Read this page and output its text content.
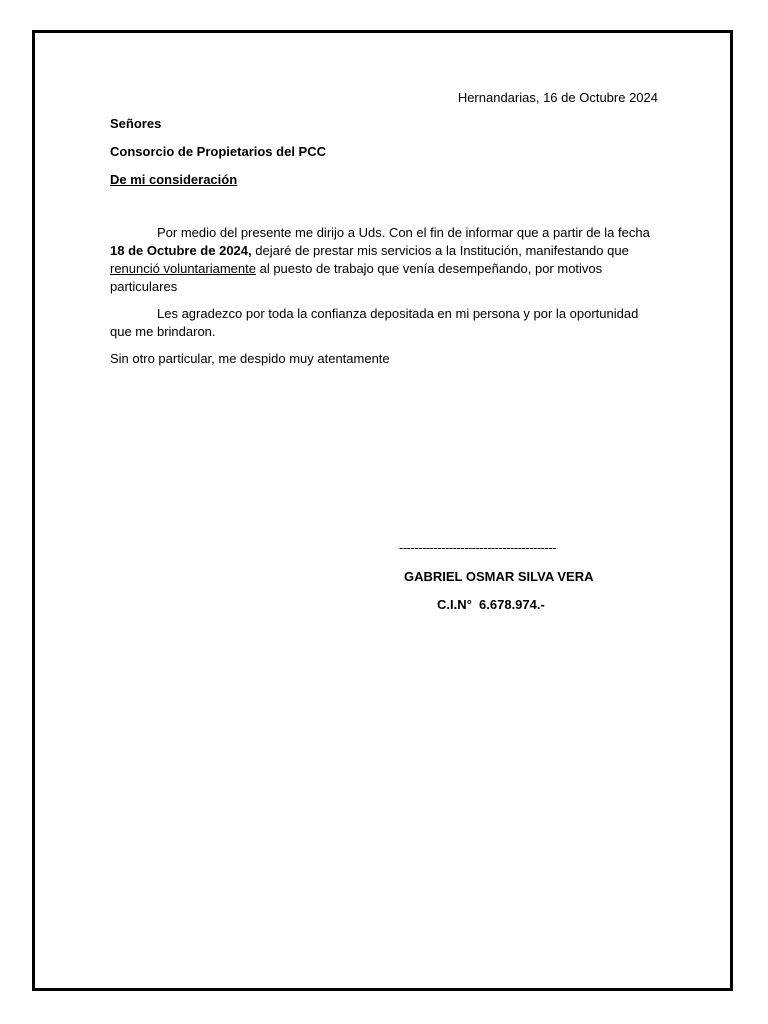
Hernandarias, 16 de Octubre 2024
Señores
Consorcio de Propietarios del PCC
De mi consideración
Por medio del presente me dirijo a Uds. Con el fin de informar que a partir de la fecha 18 de Octubre de 2024, dejaré de prestar mis servicios a la Institución, manifestando que renunció voluntariamente al puesto de trabajo que venía desempeñando, por motivos particulares
Les agradezco por toda la confianza depositada en mi persona y por la oportunidad que me brindaron.
Sin otro particular, me despido muy atentamente
-----------------------------------------
GABRIEL OSMAR SILVA VERA
C.I.N°  6.678.974.-
